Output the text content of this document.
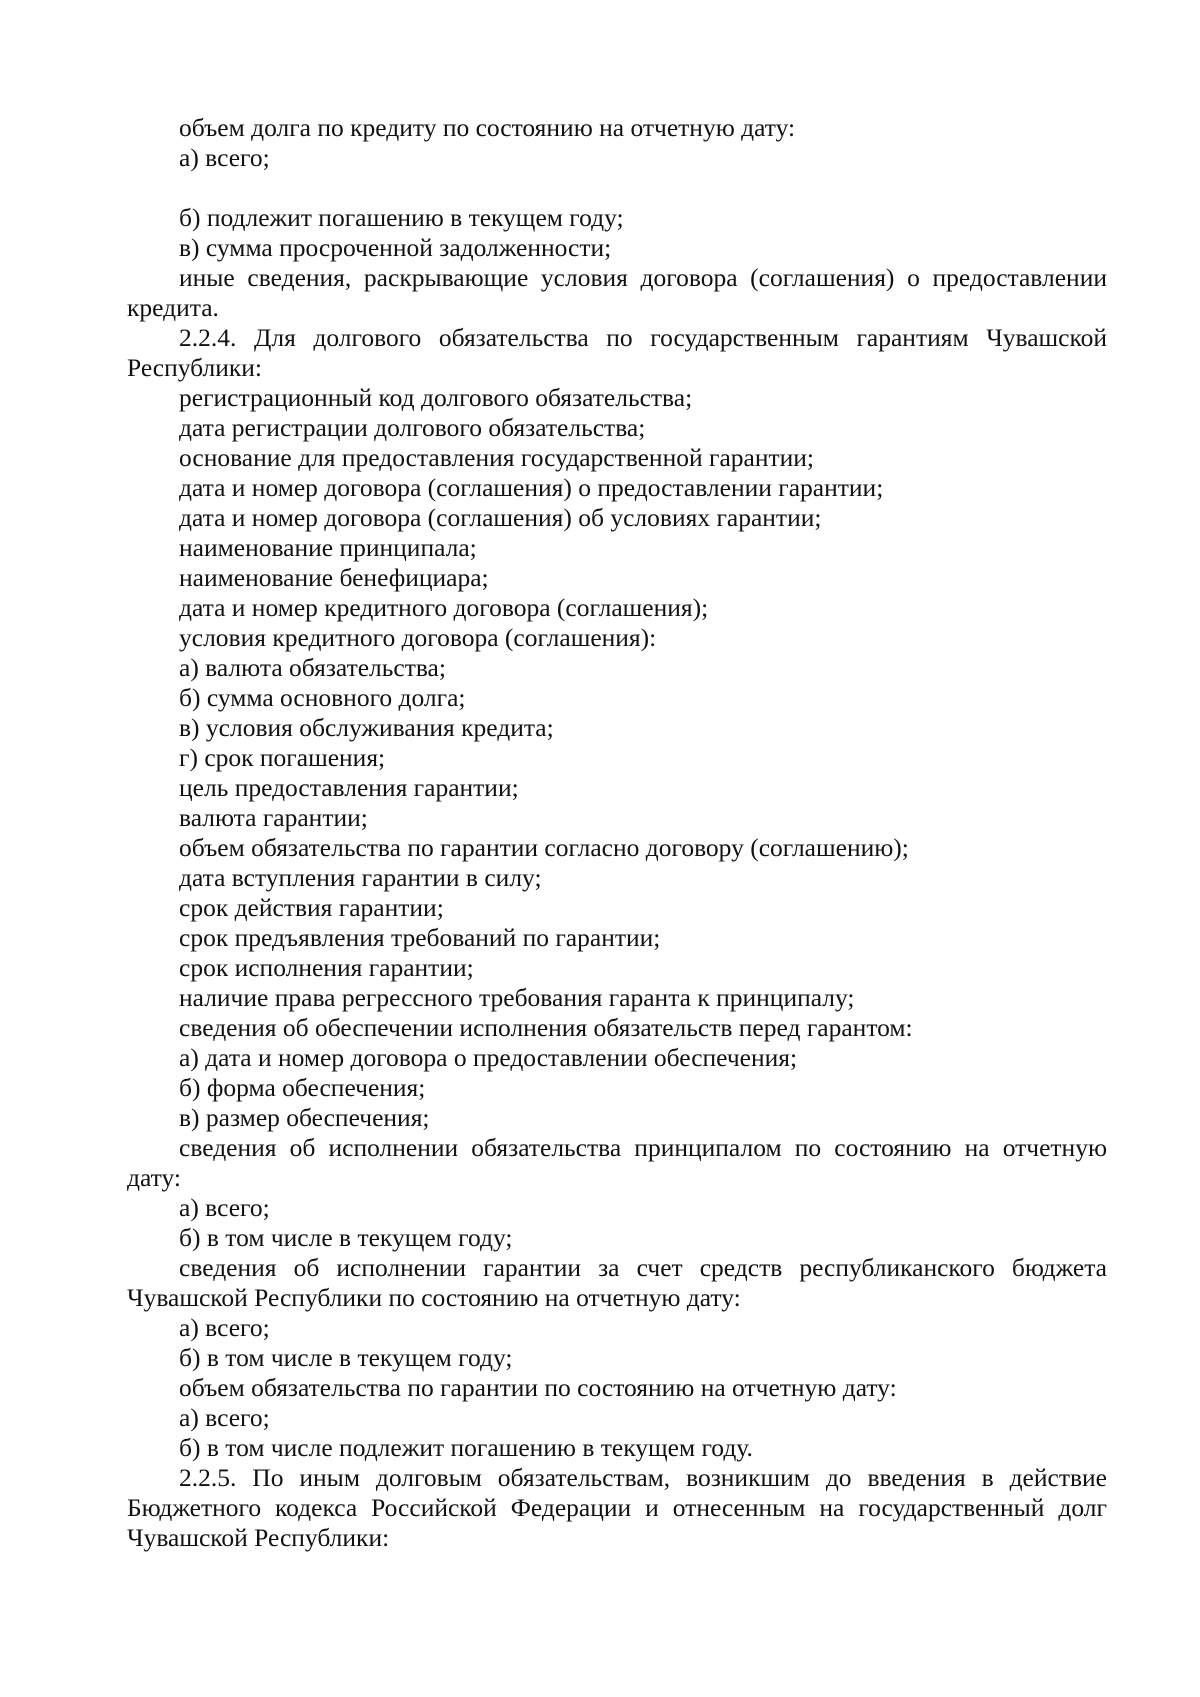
объем долга по кредиту по состоянию на отчетную дату:
а) всего;
б) подлежит погашению в текущем году;
в) сумма просроченной задолженности;
иные сведения, раскрывающие условия договора (соглашения) о предоставлении
кредита.
2.2.4. Для долгового обязательства по государственным гарантиям Чувашской
Республики:
регистрационный код долгового обязательства;
дата регистрации долгового обязательства;
основание для предоставления государственной гарантии;
дата и номер договора (соглашения) о предоставлении гарантии;
дата и номер договора (соглашения) об условиях гарантии;
наименование принципала;
наименование бенефициара;
дата и номер кредитного договора (соглашения);
условия кредитного договора (соглашения):
а) валюта обязательства;
б) сумма основного долга;
в) условия обслуживания кредита;
г) срок погашения;
цель предоставления гарантии;
валюта гарантии;
объем обязательства по гарантии согласно договору (соглашению);
дата вступления гарантии в силу;
срок действия гарантии;
срок предъявления требований по гарантии;
срок исполнения гарантии;
наличие права регрессного требования гаранта к принципалу;
сведения об обеспечении исполнения обязательств перед гарантом:
а) дата и номер договора о предоставлении обеспечения;
б) форма обеспечения;
в) размер обеспечения;
сведения об исполнении обязательства принципалом по состоянию на отчетную
дату:
а) всего;
б) в том числе в текущем году;
сведения об исполнении гарантии за счет средств республиканского бюджета
Чувашской Республики по состоянию на отчетную дату:
а) всего;
б) в том числе в текущем году;
объем обязательства по гарантии по состоянию на отчетную дату:
а) всего;
б) в том числе подлежит погашению в текущем году.
2.2.5. По иным долговым обязательствам, возникшим до введения в действие
Бюджетного кодекса Российской Федерации и отнесенным на государственный долг
Чувашской Республики:
